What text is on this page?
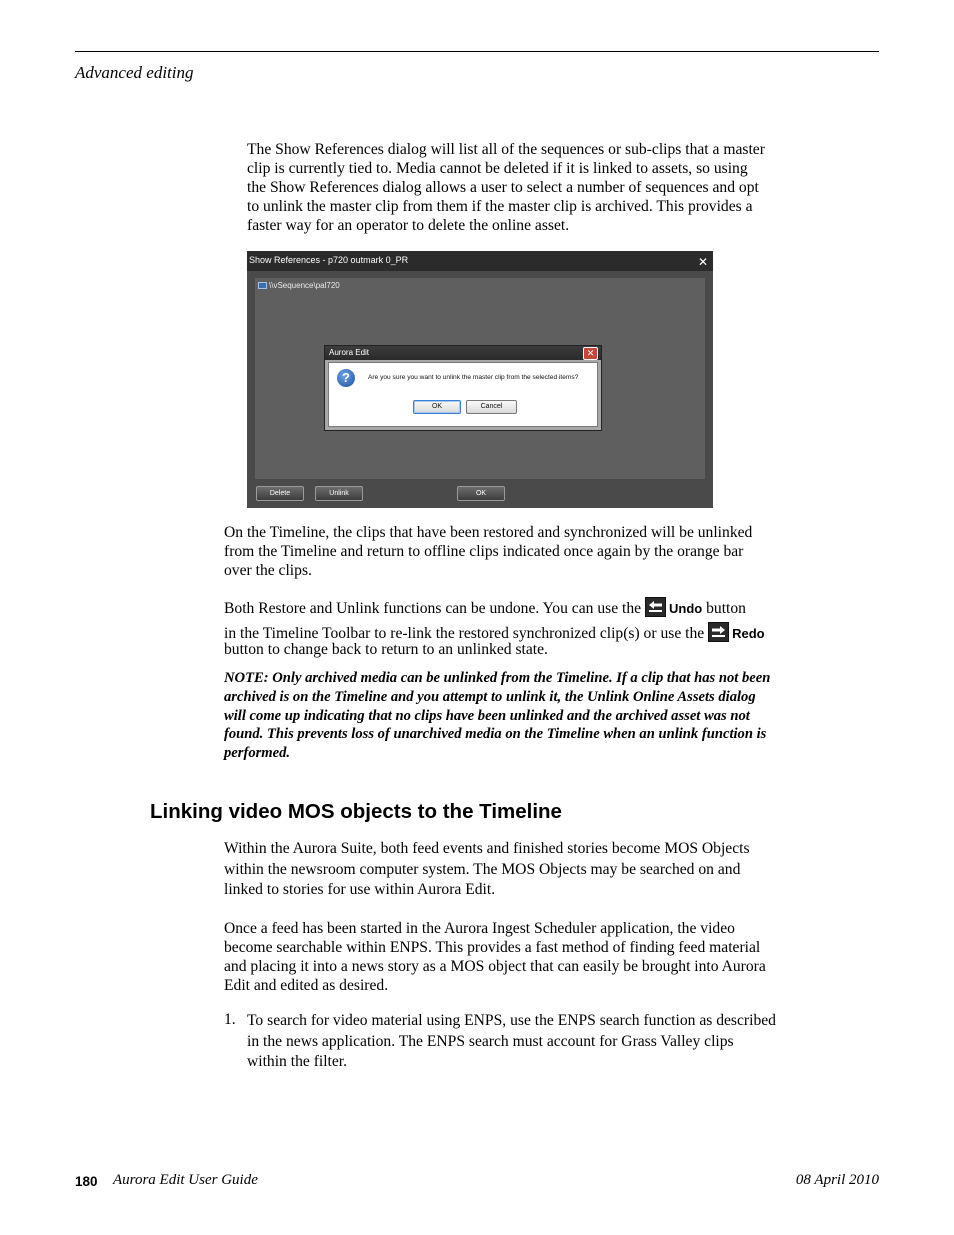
Advanced editing
The Show References dialog will list all of the sequences or sub-clips that a master
clip is currently tied to. Media cannot be deleted if it is linked to assets, so using
the Show References dialog allows a user to select a number of sequences and opt
to unlink the master clip from them if the master clip is archived. This provides a
faster way for an operator to delete the online asset.
Show References - p720 outmark 0_PR	✕
\\vSequence\pal720
Aurora Edit	✕
?	Are you sure you want to unlink the master clip from the selected items?
OK	Cancel
Delete	Unlink	OK
On the Timeline, the clips that have been restored and synchronized will be unlinked
from the Timeline and return to offline clips indicated once again by the orange bar
over the clips.
Both Restore and Unlink functions can be undone. You can use the Undo button
in the Timeline Toolbar to re-link the restored synchronized clip(s) or use the Redo
button to change back to return to an unlinked state.
NOTE: Only archived media can be unlinked from the Timeline. If a clip that has not been
archived is on the Timeline and you attempt to unlink it, the Unlink Online Assets dialog
will come up indicating that no clips have been unlinked and the archived asset was not
found. This prevents loss of unarchived media on the Timeline when an unlink function is
performed.
Linking video MOS objects to the Timeline
Within the Aurora Suite, both feed events and finished stories become MOS Objects
within the newsroom computer system. The MOS Objects may be searched on and
linked to stories for use within Aurora Edit.
Once a feed has been started in the Aurora Ingest Scheduler application, the video
become searchable within ENPS. This provides a fast method of finding feed material
and placing it into a news story as a MOS object that can easily be brought into Aurora
Edit and edited as desired.
1. To search for video material using ENPS, use the ENPS search function as described
in the news application. The ENPS search must account for Grass Valley clips
within the filter.
180 Aurora Edit User Guide	08 April 2010
